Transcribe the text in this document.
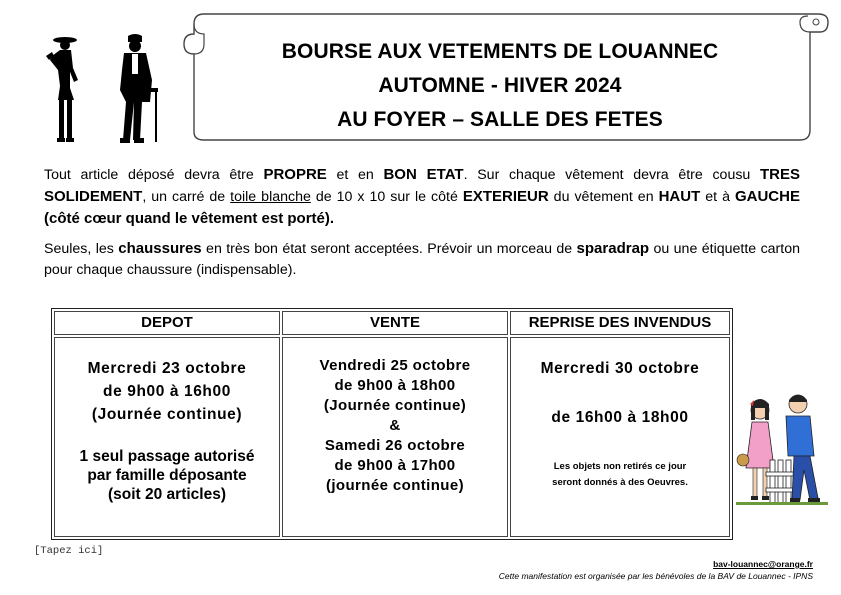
BOURSE AUX VETEMENTS DE LOUANNEC
AUTOMNE - HIVER 2024
AU FOYER – SALLE DES FETES
Tout article déposé devra être PROPRE et en BON ETAT. Sur chaque vêtement devra être cousu TRES SOLIDEMENT, un carré de toile blanche de 10 x 10 sur le côté EXTERIEUR du vêtement en HAUT et à GAUCHE (côté cœur quand le vêtement est porté).
Seules, les chaussures en très bon état seront acceptées. Prévoir un morceau de sparadrap ou une étiquette carton pour chaque chaussure (indispensable).
DEPOT	VENTE	REPRISE DES INVENDUS
Mercredi 23 octobre
de 9h00 à 16h00
(Journée continue)
1 seul passage autorisé
par famille déposante
(soit 20 articles)
Vendredi 25 octobre
de 9h00 à 18h00
(Journée continue)
&
Samedi 26 octobre
de 9h00 à 17h00
(journée continue)
Mercredi 30 octobre
de 16h00 à 18h00
Les objets non retirés ce jour
seront donnés à des Oeuvres.
[Tapez ici]
bav-louannec@orange.fr
Cette manifestation est organisée par les bénévoles de la BAV de Louannec - IPNS
